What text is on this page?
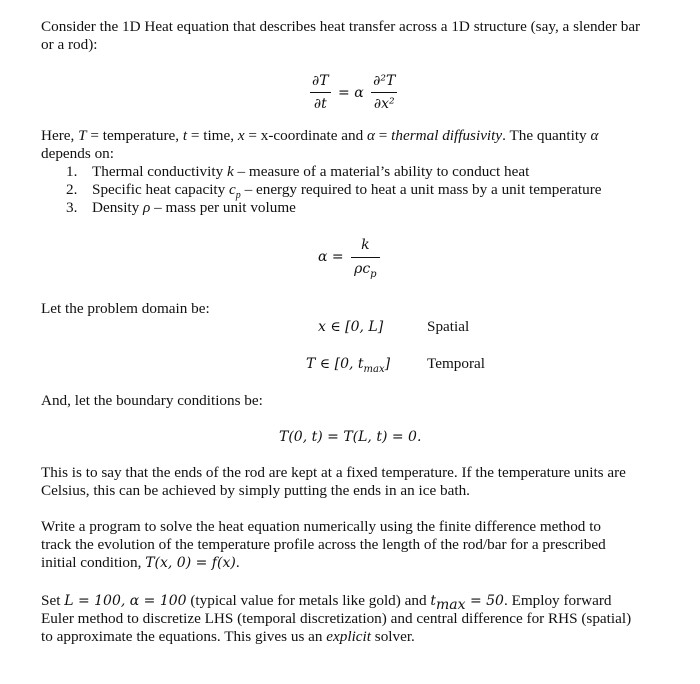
Consider the 1D Heat equation that describes heat transfer across a 1D structure (say, a slender bar
or a rod):
$\frac{\partial T}{\partial t} = \alpha \frac{\text{∂²T}}{\text{∂x²}}$
Here, T = temperature, t = time, x = x-coordinate and α = thermal diffusivity. The quantity α
depends on:
1. Thermal conductivity k – measure of a material’s ability to conduct heat
2. Specific heat capacity $c_p$ – energy required to heat a unit mass by a unit temperature
3. Density ρ – mass per unit volume
$\alpha = \frac{k}{\rho c_p}$
Let the problem domain be:
x ∈ [0, L]	Spatial
T ∈ [0, $t_{max}$] Temporal
And, let the boundary conditions be:
T(0, t) = T(L, t) = 0.
This is to say that the ends of the rod are kept at a fixed temperature. If the temperature units are
Celsius, this can be achieved by simply putting the ends in an ice bath.
Write a program to solve the heat equation numerically using the finite difference method to
track the evolution of the temperature profile across the length of the rod/bar for a prescribed
initial condition, T(x, 0) = f(x).
Set L = 100, α = 100 (typical value for metals like gold) and $t_{max} = 50$. Employ forward
Euler method to discretize LHS (temporal discretization) and central difference for RHS (spatial)
to approximate the equations. This gives us an explicit solver.
